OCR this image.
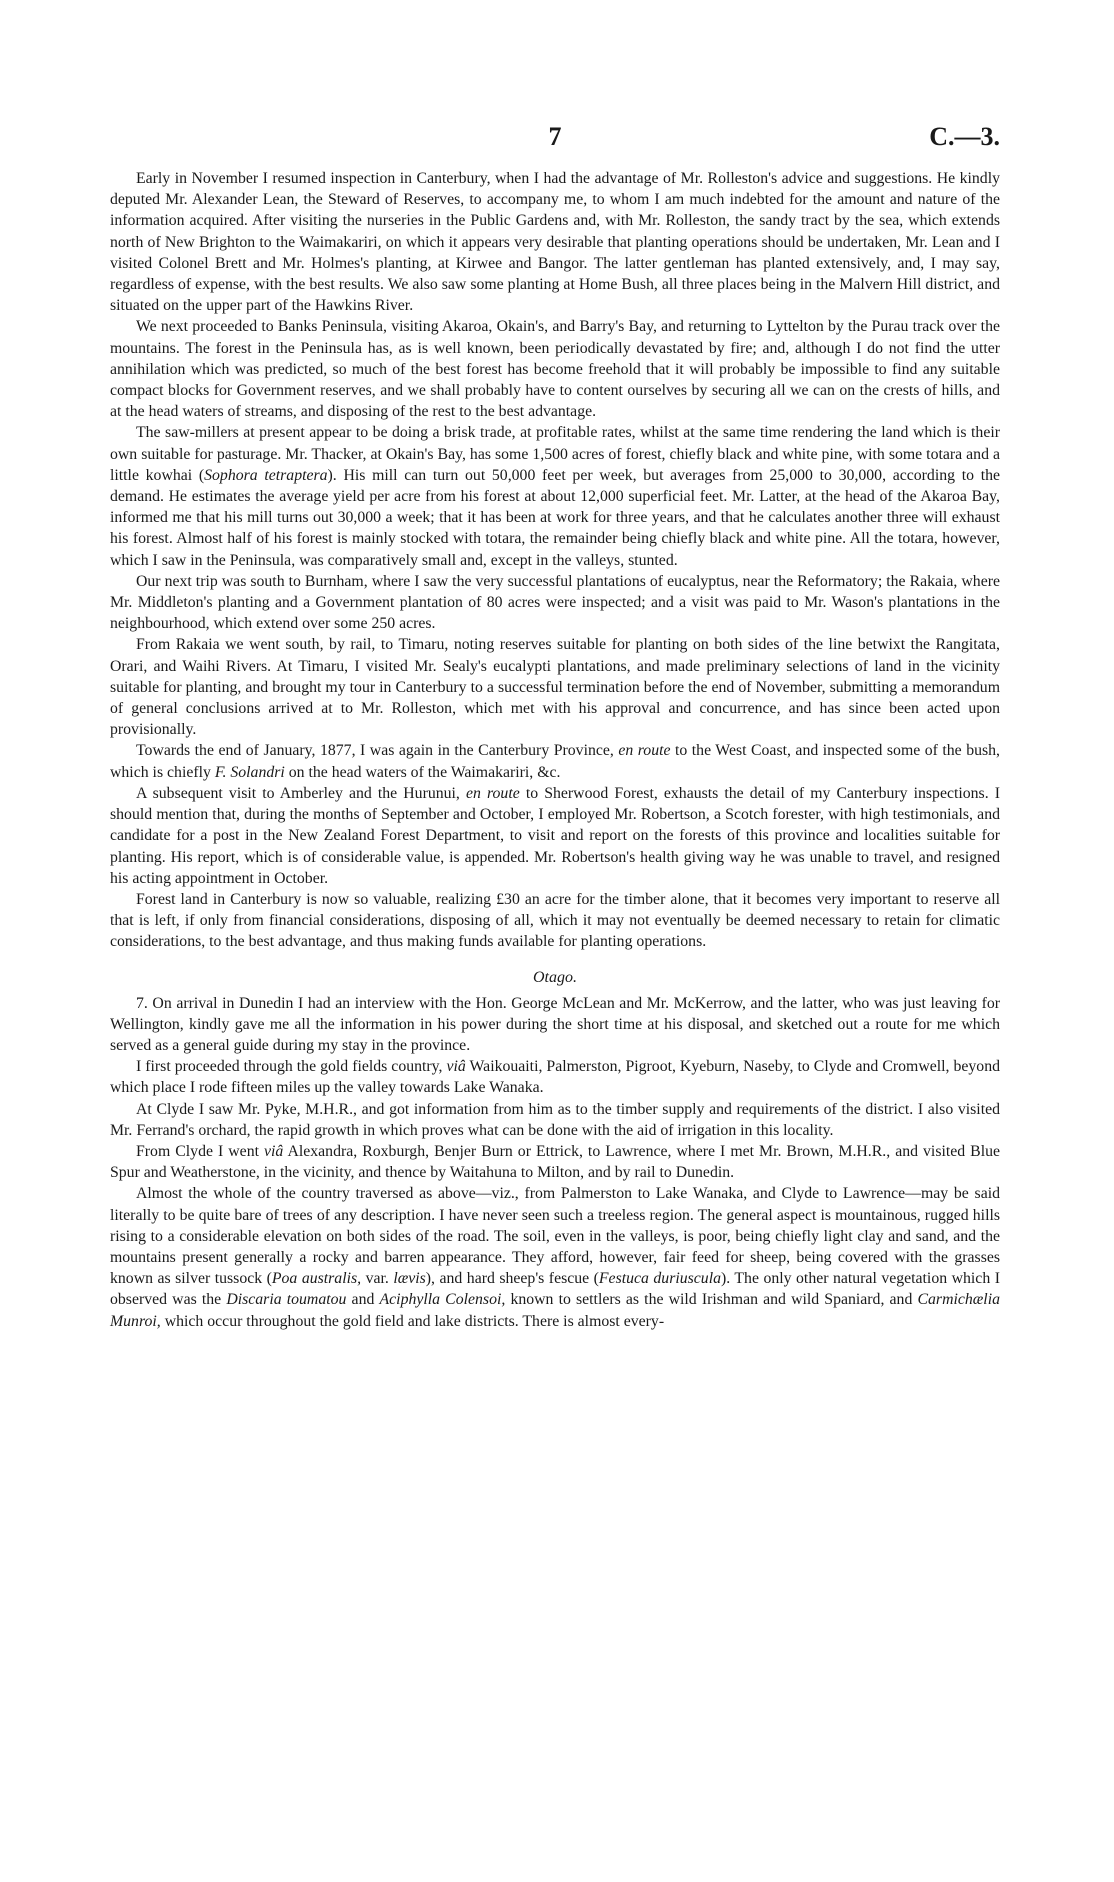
7	C.—3.

Early in November I resumed inspection in Canterbury, when I had the advantage of Mr. Rolleston's advice and suggestions. He kindly deputed Mr. Alexander Lean, the Steward of Reserves, to accompany me, to whom I am much indebted for the amount and nature of the information acquired. After visiting the nurseries in the Public Gardens and, with Mr. Rolleston, the sandy tract by the sea, which extends north of New Brighton to the Waimakariri, on which it appears very desirable that planting operations should be undertaken, Mr. Lean and I visited Colonel Brett and Mr. Holmes's planting, at Kirwee and Bangor. The latter gentleman has planted extensively, and, I may say, regardless of expense, with the best results. We also saw some planting at Home Bush, all three places being in the Malvern Hill district, and situated on the upper part of the Hawkins River.

We next proceeded to Banks Peninsula, visiting Akaroa, Okain's, and Barry's Bay, and returning to Lyttelton by the Purau track over the mountains. The forest in the Peninsula has, as is well known, been periodically devastated by fire; and, although I do not find the utter annihilation which was predicted, so much of the best forest has become freehold that it will probably be impossible to find any suitable compact blocks for Government reserves, and we shall probably have to content ourselves by securing all we can on the crests of hills, and at the head waters of streams, and disposing of the rest to the best advantage.

The saw-millers at present appear to be doing a brisk trade, at profitable rates, whilst at the same time rendering the land which is their own suitable for pasturage. Mr. Thacker, at Okain's Bay, has some 1,500 acres of forest, chiefly black and white pine, with some totara and a little kowhai (Sophora tetraptera). His mill can turn out 50,000 feet per week, but averages from 25,000 to 30,000, according to the demand. He estimates the average yield per acre from his forest at about 12,000 superficial feet. Mr. Latter, at the head of the Akaroa Bay, informed me that his mill turns out 30,000 a week; that it has been at work for three years, and that he calculates another three will exhaust his forest. Almost half of his forest is mainly stocked with totara, the remainder being chiefly black and white pine. All the totara, however, which I saw in the Peninsula, was comparatively small and, except in the valleys, stunted.

Our next trip was south to Burnham, where I saw the very successful plantations of eucalyptus, near the Reformatory; the Rakaia, where Mr. Middleton's planting and a Government plantation of 80 acres were inspected; and a visit was paid to Mr. Wason's plantations in the neighbourhood, which extend over some 250 acres.

From Rakaia we went south, by rail, to Timaru, noting reserves suitable for planting on both sides of the line betwixt the Rangitata, Orari, and Waihi Rivers. At Timaru, I visited Mr. Sealy's eucalypti plantations, and made preliminary selections of land in the vicinity suitable for planting, and brought my tour in Canterbury to a successful termination before the end of November, submitting a memorandum of general conclusions arrived at to Mr. Rolleston, which met with his approval and concurrence, and has since been acted upon provisionally.

Towards the end of January, 1877, I was again in the Canterbury Province, en route to the West Coast, and inspected some of the bush, which is chiefly F. Solandri on the head waters of the Waimakariri, &c.

A subsequent visit to Amberley and the Hurunui, en route to Sherwood Forest, exhausts the detail of my Canterbury inspections. I should mention that, during the months of September and October, I employed Mr. Robertson, a Scotch forester, with high testimonials, and candidate for a post in the New Zealand Forest Department, to visit and report on the forests of this province and localities suitable for planting. His report, which is of considerable value, is appended. Mr. Robertson's health giving way he was unable to travel, and resigned his acting appointment in October.

Forest land in Canterbury is now so valuable, realizing £30 an acre for the timber alone, that it becomes very important to reserve all that is left, if only from financial considerations, disposing of all, which it may not eventually be deemed necessary to retain for climatic considerations, to the best advantage, and thus making funds available for planting operations.

Otago.

7. On arrival in Dunedin I had an interview with the Hon. George McLean and Mr. McKerrow, and the latter, who was just leaving for Wellington, kindly gave me all the information in his power during the short time at his disposal, and sketched out a route for me which served as a general guide during my stay in the province.

I first proceeded through the gold fields country, viâ Waikouaiti, Palmerston, Pigroot, Kyeburn, Naseby, to Clyde and Cromwell, beyond which place I rode fifteen miles up the valley towards Lake Wanaka.

At Clyde I saw Mr. Pyke, M.H.R., and got information from him as to the timber supply and requirements of the district. I also visited Mr. Ferrand's orchard, the rapid growth in which proves what can be done with the aid of irrigation in this locality.

From Clyde I went viâ Alexandra, Roxburgh, Benjer Burn or Ettrick, to Lawrence, where I met Mr. Brown, M.H.R., and visited Blue Spur and Weatherstone, in the vicinity, and thence by Waitahuna to Milton, and by rail to Dunedin.

Almost the whole of the country traversed as above—viz., from Palmerston to Lake Wanaka, and Clyde to Lawrence—may be said literally to be quite bare of trees of any description. I have never seen such a treeless region. The general aspect is mountainous, rugged hills rising to a considerable elevation on both sides of the road. The soil, even in the valleys, is poor, being chiefly light clay and sand, and the mountains present generally a rocky and barren appearance. They afford, however, fair feed for sheep, being covered with the grasses known as silver tussock (Poa australis, var. lævis), and hard sheep's fescue (Festuca duriuscula). The only other natural vegetation which I observed was the Discaria toumatou and Aciphylla Colensoi, known to settlers as the wild Irishman and wild Spaniard, and Carmichælia Munroi, which occur throughout the gold field and lake districts. There is almost every-
